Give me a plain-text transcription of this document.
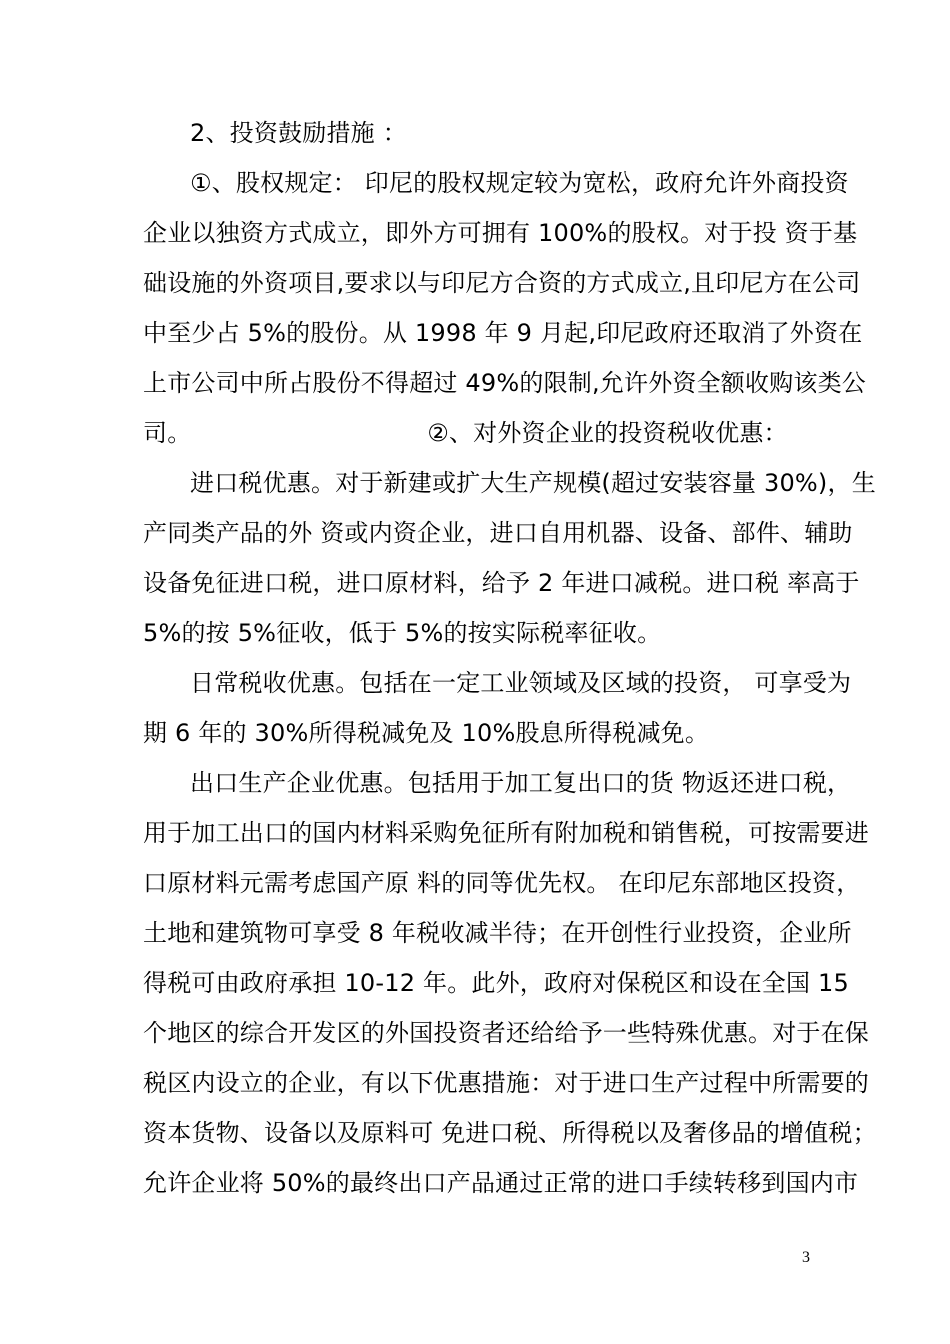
2、投资鼓励措施 ：
①、股权规定： 印尼的股权规定较为宽松，政府允许外商投资
企业以独资方式成立，即外方可拥有 100%的股权。对于投 资于基
础设施的外资项目,要求以与印尼方合资的方式成立,且印尼方在公司
中至少占 5%的股份。从 1998 年 9 月起,印尼政府还取消了外资在
上市公司中所占股份不得超过 49%的限制,允许外资全额收购该类公
司。 ②、对外资企业的投资税收优惠：
进口税优惠。对于新建或扩大生产规模(超过安装容量 30%)，生
产同类产品的外 资或内资企业，进口自用机器、设备、部件、辅助
设备免征进口税，进口原材料，给予 2 年进口减税。进口税 率高于
5%的按 5%征收，低于 5%的按实际税率征收。
日常税收优惠。包括在一定工业领域及区域的投资， 可享受为
期 6 年的 30%所得税减免及 10%股息所得税减免。
出口生产企业优惠。包括用于加工复出口的货 物返还进口税，
用于加工出口的国内材料采购免征所有附加税和销售税，可按需要进
口原材料元需考虑国产原 料的同等优先权。 在印尼东部地区投资，
土地和建筑物可享受 8 年税收减半待；在开创性行业投资，企业所
得税可由政府承担 10-12 年。此外，政府对保税区和设在全国 15
个地区的综合开发区的外国投资者还给给予一些特殊优惠。对于在保
税区内设立的企业，有以下优惠措施：对于进口生产过程中所需要的
资本货物、设备以及原料可 免进口税、所得税以及奢侈品的增值税；
允许企业将 50%的最终出口产品通过正常的进口手续转移到国内市
3
